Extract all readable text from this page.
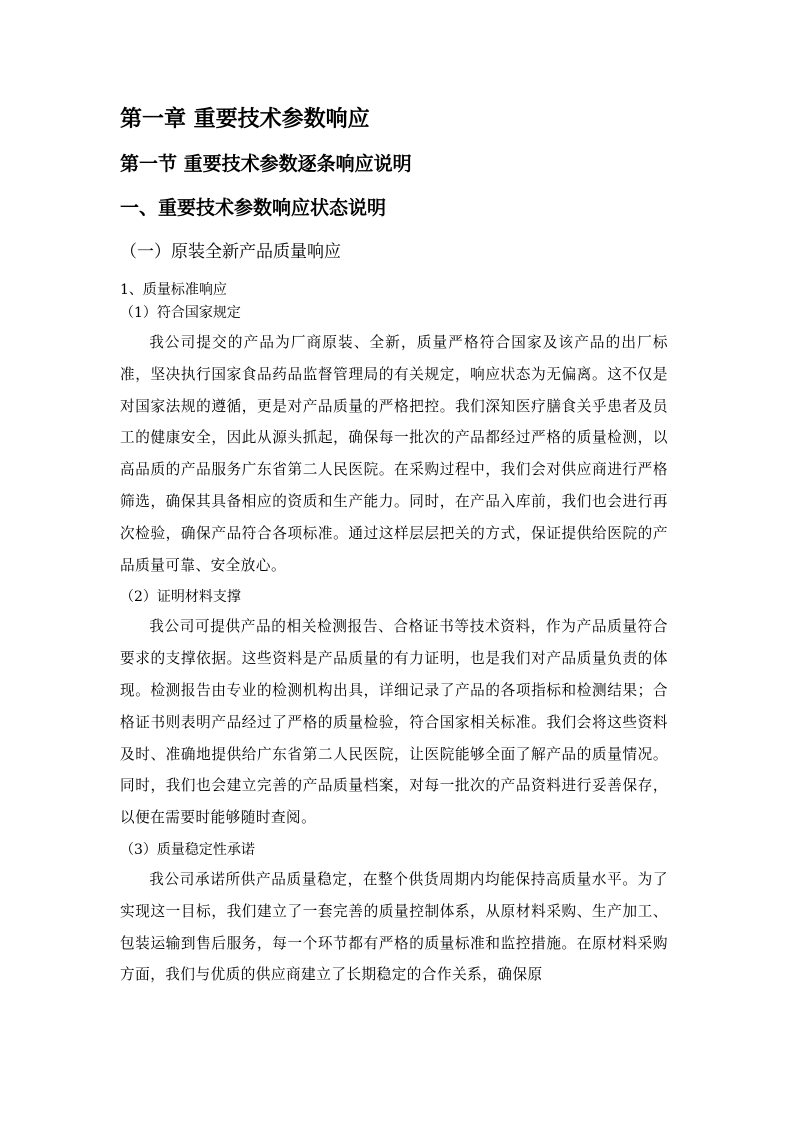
第一章 重要技术参数响应
第一节 重要技术参数逐条响应说明
一、重要技术参数响应状态说明
（一）原装全新产品质量响应
1、质量标准响应
（1）符合国家规定
我公司提交的产品为厂商原装、全新，质量严格符合国家及该产品的出厂标准，坚决执行国家食品药品监督管理局的有关规定，响应状态为无偏离。这不仅是对国家法规的遵循，更是对产品质量的严格把控。我们深知医疗膳食关乎患者及员工的健康安全，因此从源头抓起，确保每一批次的产品都经过严格的质量检测，以高品质的产品服务广东省第二人民医院。在采购过程中，我们会对供应商进行严格筛选，确保其具备相应的资质和生产能力。同时，在产品入库前，我们也会进行再次检验，确保产品符合各项标准。通过这样层层把关的方式，保证提供给医院的产品质量可靠、安全放心。
（2）证明材料支撑
我公司可提供产品的相关检测报告、合格证书等技术资料，作为产品质量符合要求的支撑依据。这些资料是产品质量的有力证明，也是我们对产品质量负责的体现。检测报告由专业的检测机构出具，详细记录了产品的各项指标和检测结果；合格证书则表明产品经过了严格的质量检验，符合国家相关标准。我们会将这些资料及时、准确地提供给广东省第二人民医院，让医院能够全面了解产品的质量情况。同时，我们也会建立完善的产品质量档案，对每一批次的产品资料进行妥善保存，以便在需要时能够随时查阅。
（3）质量稳定性承诺
我公司承诺所供产品质量稳定，在整个供货周期内均能保持高质量水平。为了实现这一目标，我们建立了一套完善的质量控制体系，从原材料采购、生产加工、包装运输到售后服务，每一个环节都有严格的质量标准和监控措施。在原材料采购方面，我们与优质的供应商建立了长期稳定的合作关系，确保原
